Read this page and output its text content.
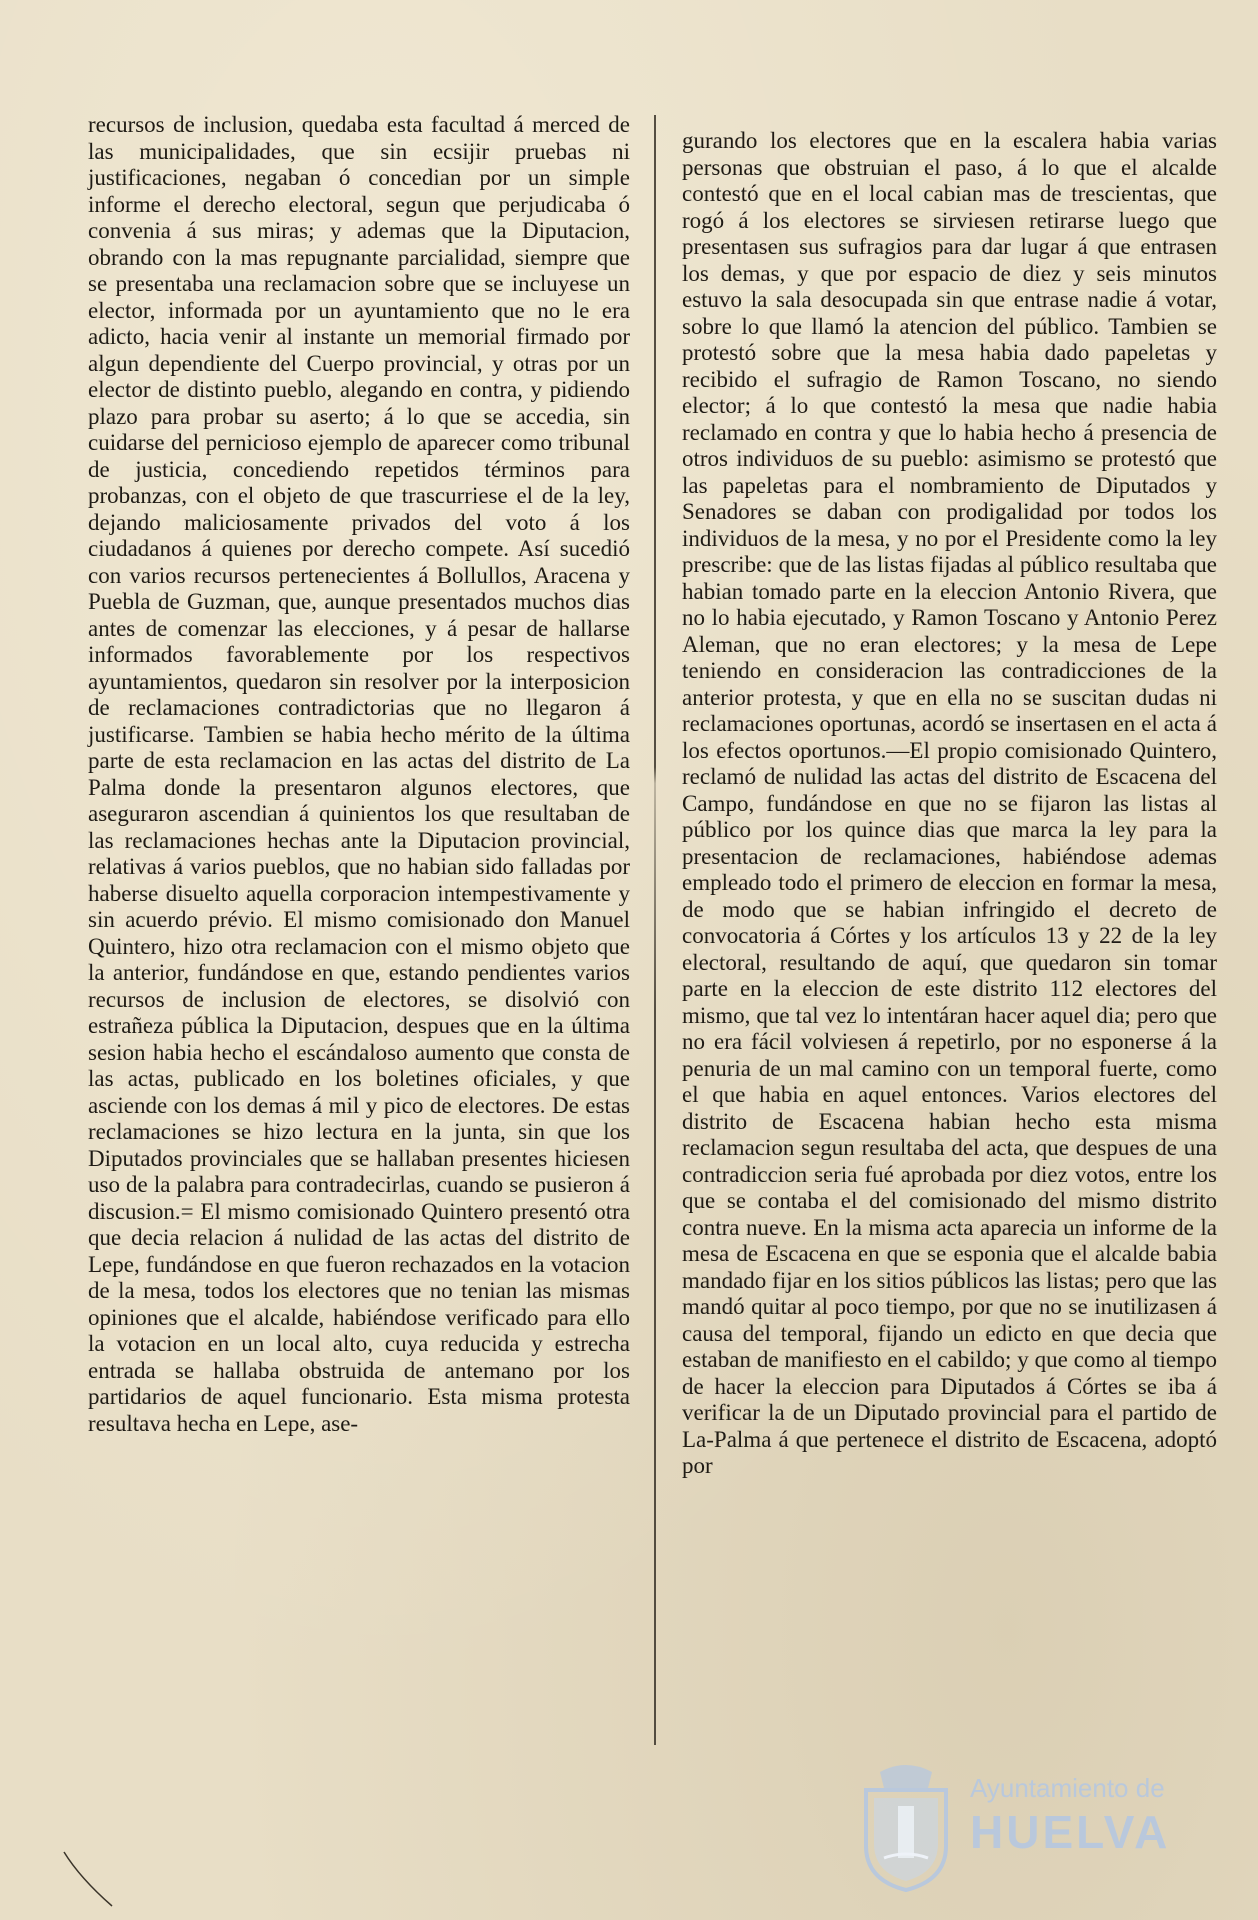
recursos de inclusion, quedaba esta facultad á merced de las municipalidades, que sin ecsijir pruebas ni justificaciones, negaban ó concedian por un simple informe el derecho electoral, segun que perjudicaba ó convenia á sus miras; y ademas que la Diputacion, obrando con la mas repugnante parcialidad, siempre que se presentaba una reclamacion sobre que se incluyese un elector, informada por un ayuntamiento que no le era adicto, hacia venir al instante un memorial firmado por algun dependiente del Cuerpo provincial, y otras por un elector de distinto pueblo, alegando en contra, y pidiendo plazo para probar su aserto; á lo que se accedia, sin cuidarse del pernicioso ejemplo de aparecer como tribunal de justicia, concediendo repetidos términos para probanzas, con el objeto de que trascurriese el de la ley, dejando maliciosamente privados del voto á los ciudadanos á quienes por derecho compete. Así sucedió con varios recursos pertenecientes á Bollullos, Aracena y Puebla de Guzman, que, aunque presentados muchos dias antes de comenzar las elecciones, y á pesar de hallarse informados favorablemente por los respectivos ayuntamientos, quedaron sin resolver por la interposicion de reclamaciones contradictorias que no llegaron á justificarse. Tambien se habia hecho mérito de la última parte de esta reclamacion en las actas del distrito de La Palma donde la presentaron algunos electores, que aseguraron ascendian á quinientos los que resultaban de las reclamaciones hechas ante la Diputacion provincial, relativas á varios pueblos, que no habian sido falladas por haberse disuelto aquella corporacion intempestivamente y sin acuerdo prévio. El mismo comisionado don Manuel Quintero, hizo otra reclamacion con el mismo objeto que la anterior, fundándose en que, estando pendientes varios recursos de inclusion de electores, se disolvió con estrañeza pública la Diputacion, despues que en la última sesion habia hecho el escándaloso aumento que consta de las actas, publicado en los boletines oficiales, y que asciende con los demas á mil y pico de electores. De estas reclamaciones se hizo lectura en la junta, sin que los Diputados provinciales que se hallaban presentes hiciesen uso de la palabra para contradecirlas, cuando se pusieron á discusion.= El mismo comisionado Quintero presentó otra que decia relacion á nulidad de las actas del distrito de Lepe, fundándose en que fueron rechazados en la votacion de la mesa, todos los electores que no tenian las mismas opiniones que el alcalde, habiéndose verificado para ello la votacion en un local alto, cuya reducida y estrecha entrada se hallaba obstruida de antemano por los partidarios de aquel funcionario. Esta misma protesta resultava hecha en Lepe, ase-

gurando los electores que en la escalera habia varias personas que obstruian el paso, á lo que el alcalde contestó que en el local cabian mas de trescientas, que rogó á los electores se sirviesen retirarse luego que presentasen sus sufragios para dar lugar á que entrasen los demas, y que por espacio de diez y seis minutos estuvo la sala desocupada sin que entrase nadie á votar, sobre lo que llamó la atencion del público. Tambien se protestó sobre que la mesa habia dado papeletas y recibido el sufragio de Ramon Toscano, no siendo elector; á lo que contestó la mesa que nadie habia reclamado en contra y que lo habia hecho á presencia de otros individuos de su pueblo: asimismo se protestó que las papeletas para el nombramiento de Diputados y Senadores se daban con prodigalidad por todos los individuos de la mesa, y no por el Presidente como la ley prescribe: que de las listas fijadas al público resultaba que habian tomado parte en la eleccion Antonio Rivera, que no lo habia ejecutado, y Ramon Toscano y Antonio Perez Aleman, que no eran electores; y la mesa de Lepe teniendo en consideracion las contradicciones de la anterior protesta, y que en ella no se suscitan dudas ni reclamaciones oportunas, acordó se insertasen en el acta á los efectos oportunos.—El propio comisionado Quintero, reclamó de nulidad las actas del distrito de Escacena del Campo, fundándose en que no se fijaron las listas al público por los quince dias que marca la ley para la presentacion de reclamaciones, habiéndose ademas empleado todo el primero de eleccion en formar la mesa, de modo que se habian infringido el decreto de convocatoria á Córtes y los artículos 13 y 22 de la ley electoral, resultando de aquí, que quedaron sin tomar parte en la eleccion de este distrito 112 electores del mismo, que tal vez lo intentáran hacer aquel dia; pero que no era fácil volviesen á repetirlo, por no esponerse á la penuria de un mal camino con un temporal fuerte, como el que habia en aquel entonces. Varios electores del distrito de Escacena habian hecho esta misma reclamacion segun resultaba del acta, que despues de una contradiccion seria fué aprobada por diez votos, entre los que se contaba el del comisionado del mismo distrito contra nueve. En la misma acta aparecia un informe de la mesa de Escacena en que se esponia que el alcalde babia mandado fijar en los sitios públicos las listas; pero que las mandó quitar al poco tiempo, por que no se inutilizasen á causa del temporal, fijando un edicto en que decia que estaban de manifiesto en el cabildo; y que como al tiempo de hacer la eleccion para Diputados á Córtes se iba á verificar la de un Diputado provincial para el partido de La-Palma á que pertenece el distrito de Escacena, adoptó por

Ayuntamiento de
HUELVA
